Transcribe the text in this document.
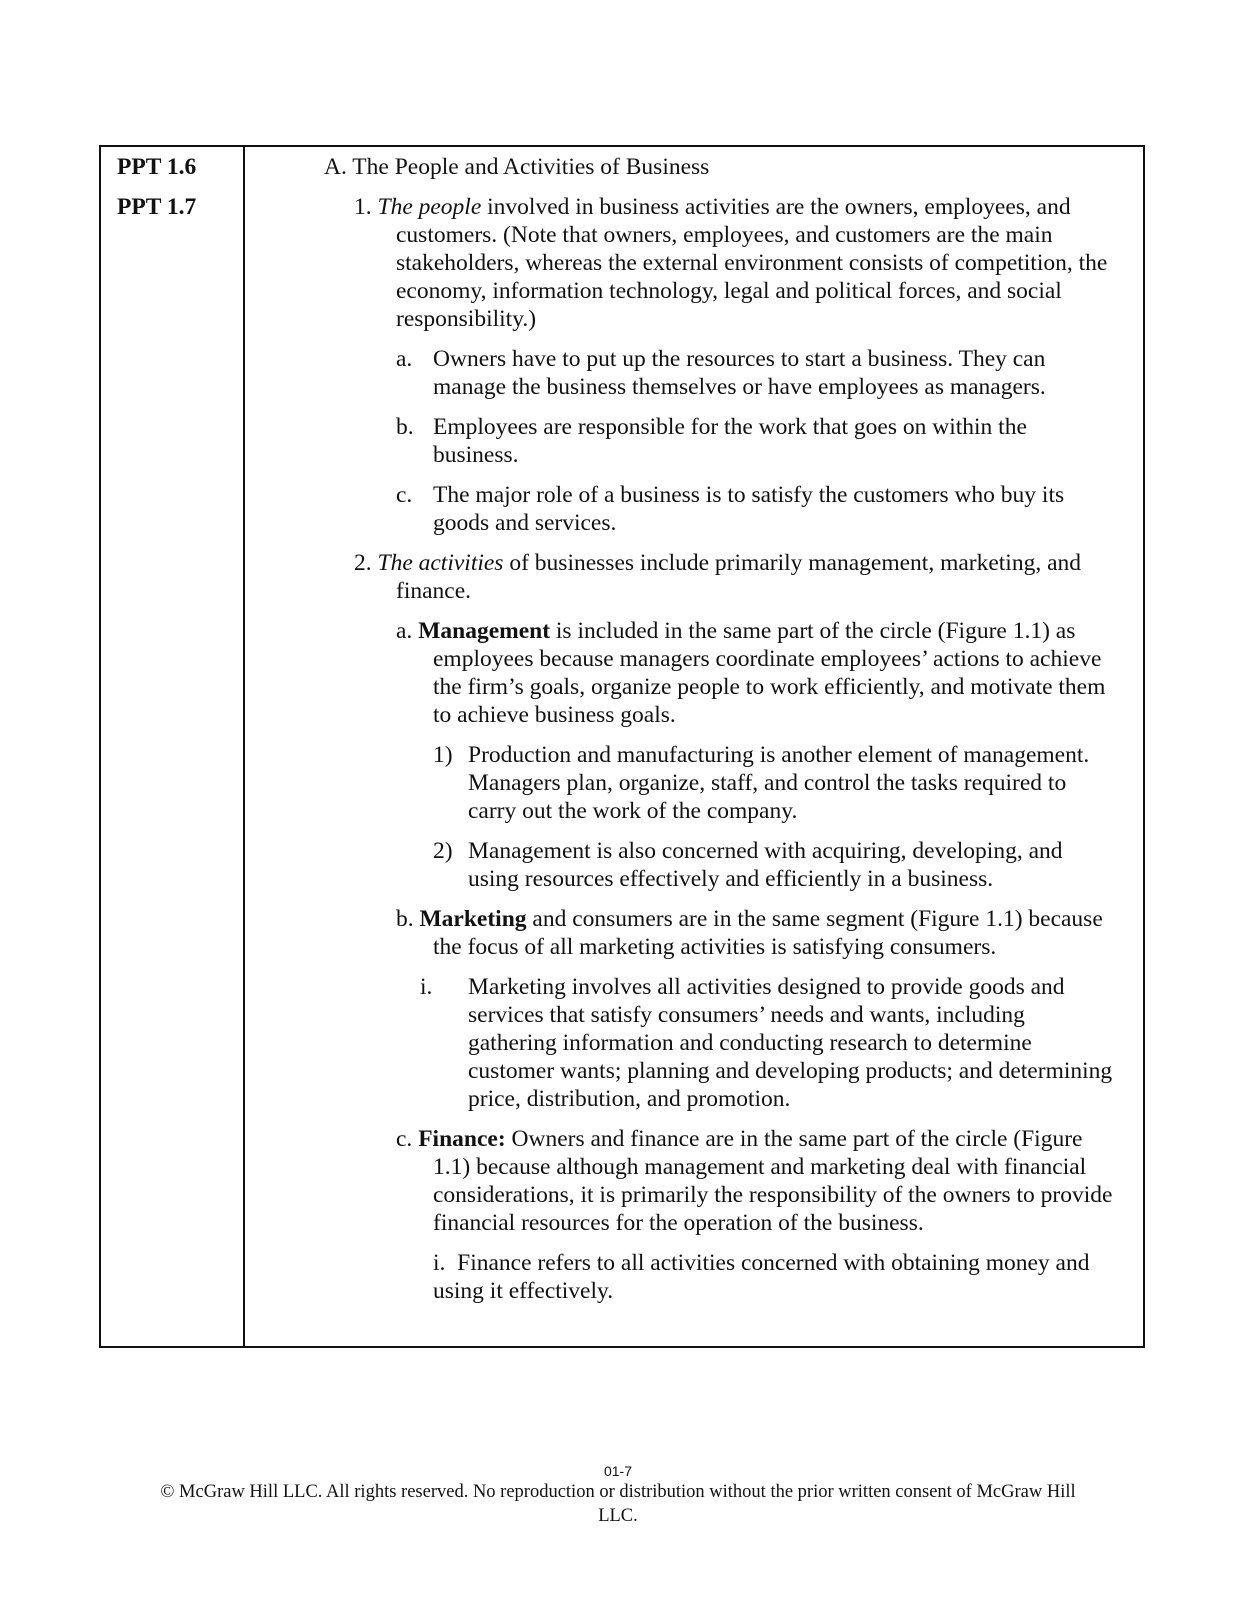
PPT 1.6
PPT 1.7
A. The People and Activities of Business
1. The people involved in business activities are the owners, employees, and
customers. (Note that owners, employees, and customers are the main
stakeholders, whereas the external environment consists of competition, the
economy, information technology, legal and political forces, and social
responsibility.)
a. Owners have to put up the resources to start a business. They can
manage the business themselves or have employees as managers.
b. Employees are responsible for the work that goes on within the
business.
c. The major role of a business is to satisfy the customers who buy its
goods and services.
2. The activities of businesses include primarily management, marketing, and
finance.
a. Management is included in the same part of the circle (Figure 1.1) as
employees because managers coordinate employees’ actions to achieve
the firm’s goals, organize people to work efficiently, and motivate them
to achieve business goals.
1) Production and manufacturing is another element of management.
Managers plan, organize, staff, and control the tasks required to
carry out the work of the company.
2) Management is also concerned with acquiring, developing, and
using resources effectively and efficiently in a business.
b. Marketing and consumers are in the same segment (Figure 1.1) because
the focus of all marketing activities is satisfying consumers.
i. Marketing involves all activities designed to provide goods and
services that satisfy consumers’ needs and wants, including
gathering information and conducting research to determine
customer wants; planning and developing products; and determining
price, distribution, and promotion.
c. Finance: Owners and finance are in the same part of the circle (Figure
1.1) because although management and marketing deal with financial
considerations, it is primarily the responsibility of the owners to provide
financial resources for the operation of the business.
i. Finance refers to all activities concerned with obtaining money and
using it effectively.
01-7
© McGraw Hill LLC. All rights reserved. No reproduction or distribution without the prior written consent of McGraw Hill LLC.
